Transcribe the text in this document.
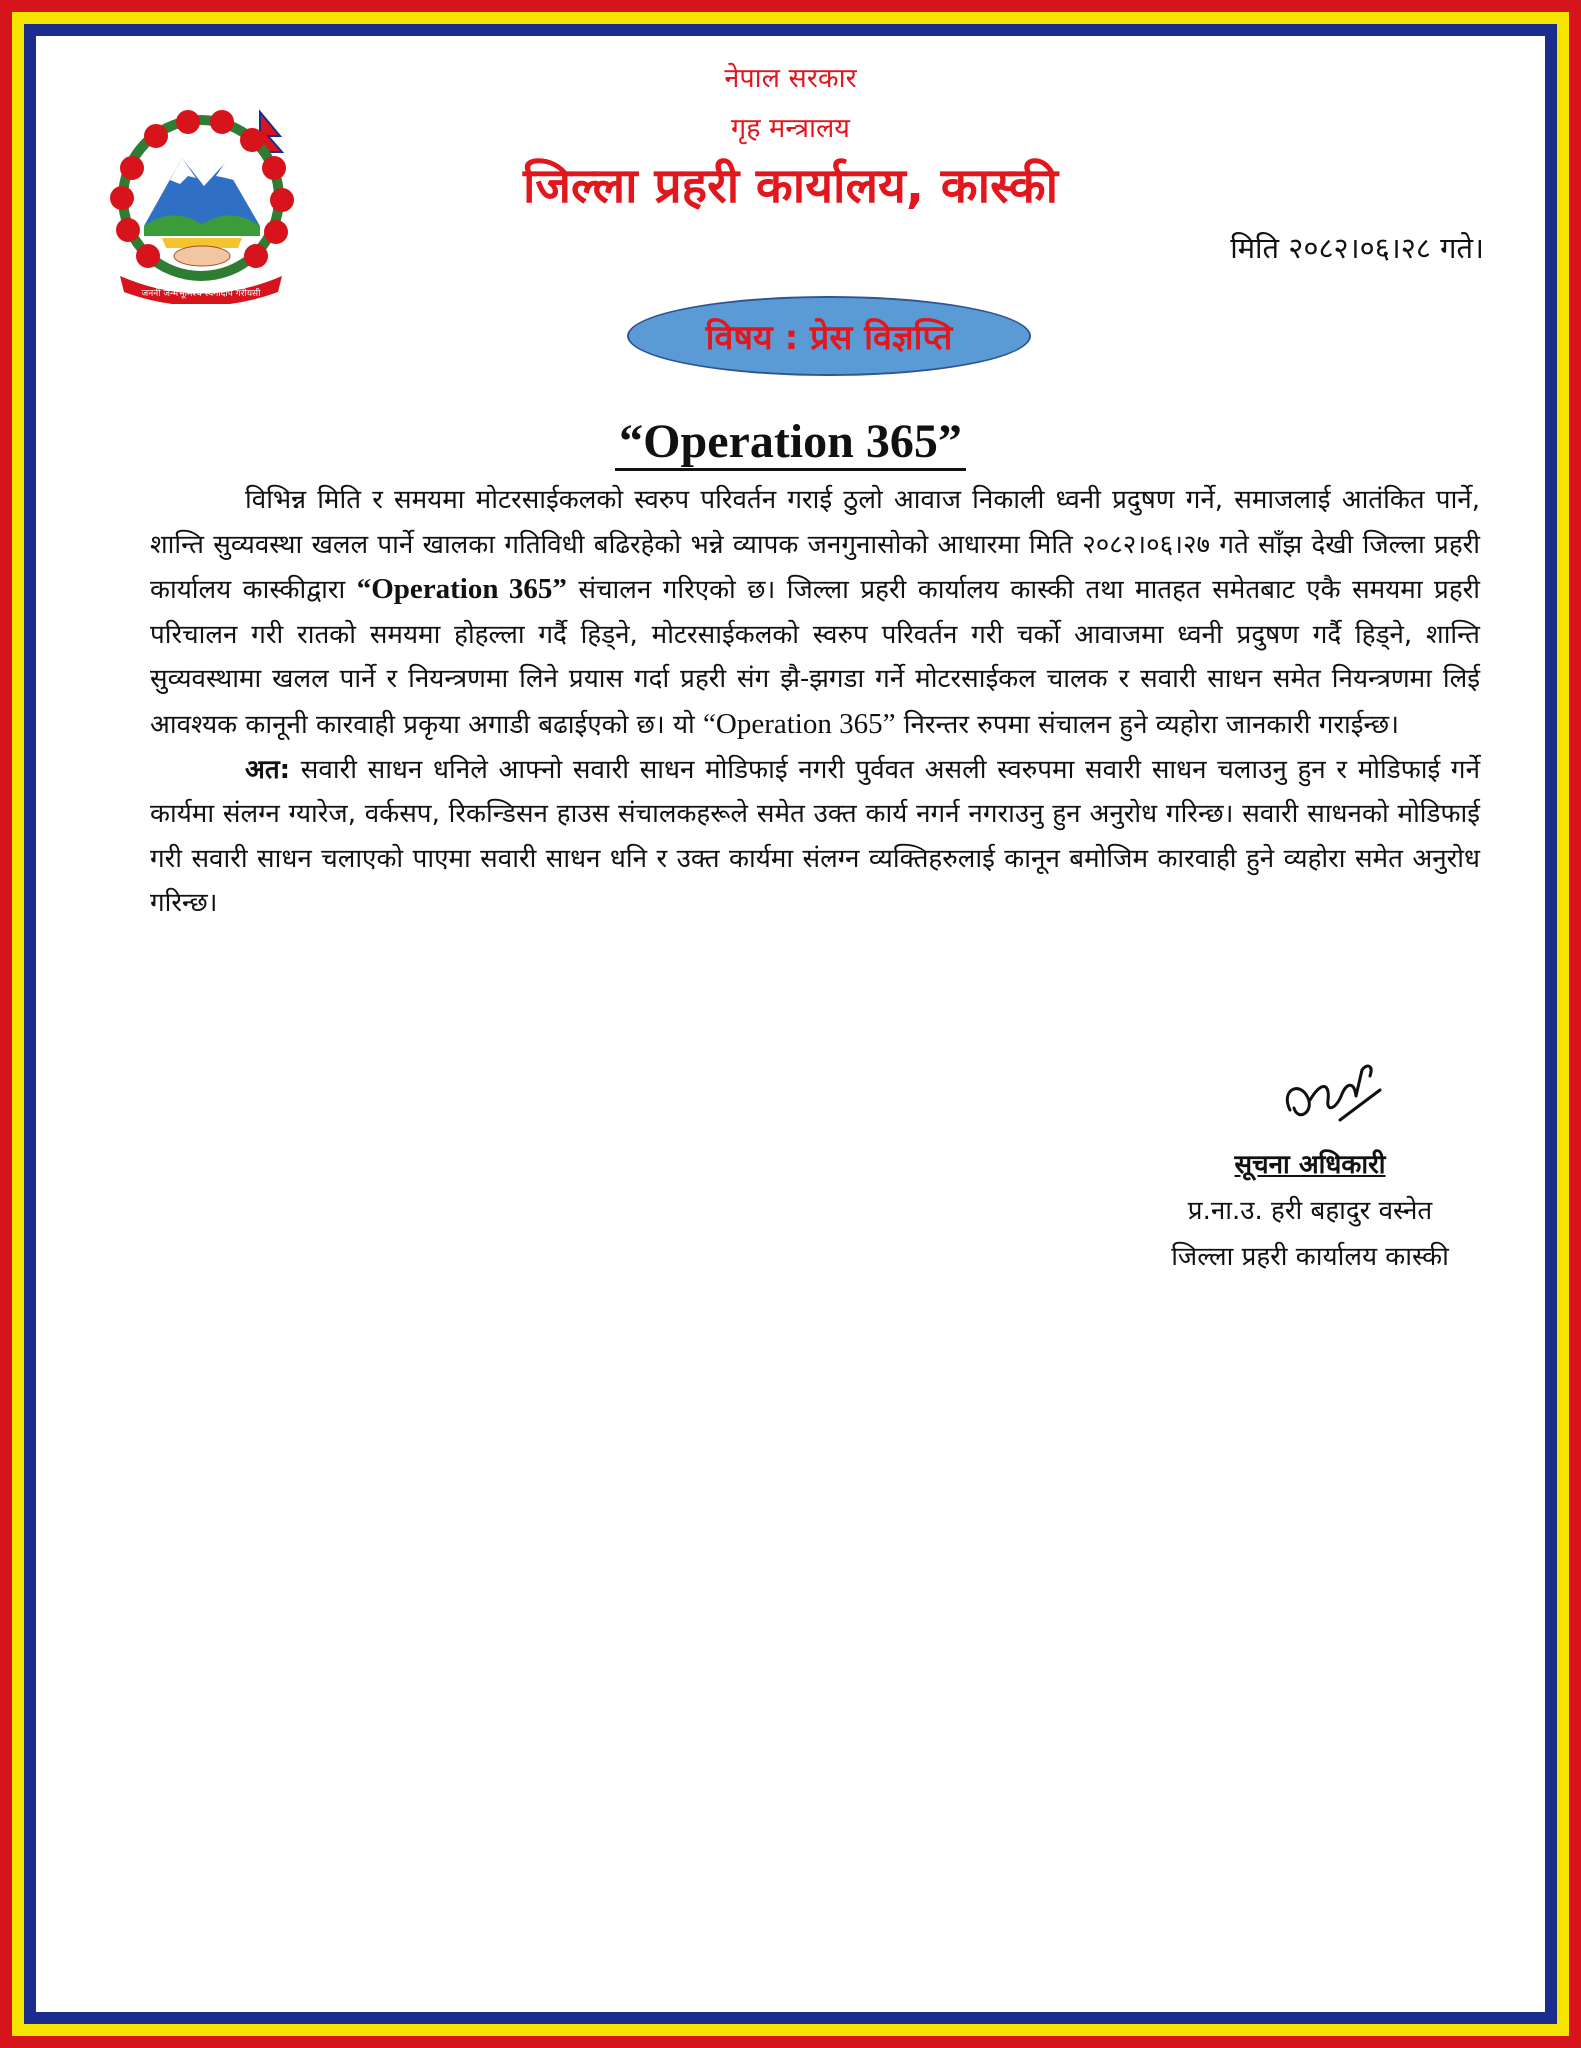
जननी जन्मभूमिश्च स्वर्गादपि गरीयसी
नेपाल सरकार
गृह मन्त्रालय
जिल्ला प्रहरी कार्यालय, कास्की
मिति २०८२।०६।२८ गते।
विषय : प्रेस विज्ञप्ति
“Operation 365”

विभिन्न मिति र समयमा मोटरसाईकलको स्वरुप परिवर्तन गराई ठुलो आवाज निकाली ध्वनी प्रदुषण गर्ने, समाजलाई आतंकित पार्ने, शान्ति सुव्यवस्था खलल पार्ने खालका गतिविधी बढिरहेको भन्ने व्यापक जनगुनासोको आधारमा मिति २०८२।०६।२७ गते साँझ देखी जिल्ला प्रहरी कार्यालय कास्कीद्वारा “Operation 365” संचालन गरिएको छ। जिल्ला प्रहरी कार्यालय कास्की तथा मातहत समेतबाट एकै समयमा प्रहरी परिचालन गरी रातको समयमा होहल्ला गर्दै हिड्ने, मोटरसाईकलको स्वरुप परिवर्तन गरी चर्को आवाजमा ध्वनी प्रदुषण गर्दै हिड्ने, शान्ति सुव्यवस्थामा खलल पार्ने र नियन्त्रणमा लिने प्रयास गर्दा प्रहरी संग झै-झगडा गर्ने मोटरसाईकल चालक र सवारी साधन समेत नियन्त्रणमा लिई आवश्यक कानूनी कारवाही प्रकृया अगाडी बढाईएको छ। यो “Operation 365” निरन्तर रुपमा संचालन हुने व्यहोरा जानकारी गराईन्छ।

अत: सवारी साधन धनिले आफ्नो सवारी साधन मोडिफाई नगरी पुर्ववत असली स्वरुपमा सवारी साधन चलाउनु हुन र मोडिफाई गर्ने कार्यमा संलग्न ग्यारेज, वर्कसप, रिकन्डिसन हाउस संचालकहरूले समेत उक्त कार्य नगर्न नगराउनु हुन अनुरोध गरिन्छ। सवारी साधनको मोडिफाई गरी सवारी साधन चलाएको पाएमा सवारी साधन धनि र उक्त कार्यमा संलग्न व्यक्तिहरुलाई कानून बमोजिम कारवाही हुने व्यहोरा समेत अनुरोध गरिन्छ।

सूचना अधिकारी
प्र.ना.उ. हरी बहादुर वस्नेत
जिल्ला प्रहरी कार्यालय कास्की
